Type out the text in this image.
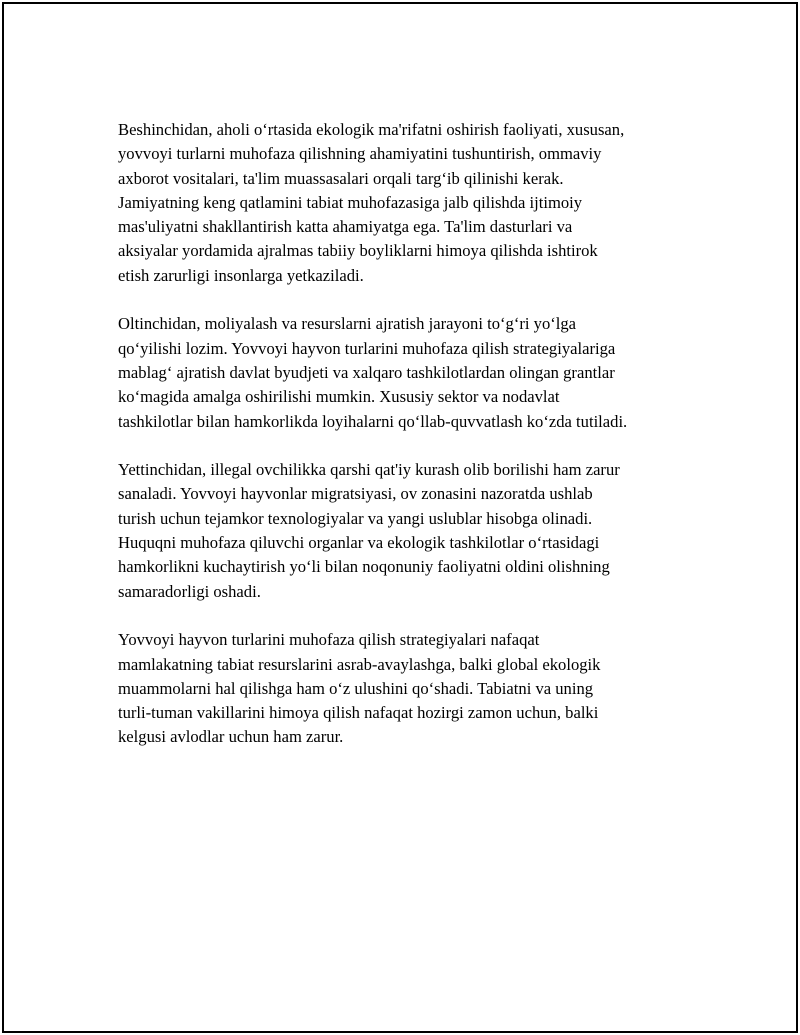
Beshinchidan, aholi o‘rtasida ekologik ma'rifatni oshirish faoliyati, xususan,
yovvoyi turlarni muhofaza qilishning ahamiyatini tushuntirish, ommaviy
axborot vositalari, ta'lim muassasalari orqali targ‘ib qilinishi kerak.
Jamiyatning keng qatlamini tabiat muhofazasiga jalb qilishda ijtimoiy
mas'uliyatni shakllantirish katta ahamiyatga ega. Ta'lim dasturlari va
aksiyalar yordamida ajralmas tabiiy boyliklarni himoya qilishda ishtirok
etish zarurligi insonlarga yetkaziladi.

Oltinchidan, moliyalash va resurslarni ajratish jarayoni to‘g‘ri yo‘lga
qo‘yilishi lozim. Yovvoyi hayvon turlarini muhofaza qilish strategiyalariga
mablag‘ ajratish davlat byudjeti va xalqaro tashkilotlardan olingan grantlar
ko‘magida amalga oshirilishi mumkin. Xususiy sektor va nodavlat
tashkilotlar bilan hamkorlikda loyihalarni qo‘llab-quvvatlash ko‘zda tutiladi.

Yettinchidan, illegal ovchilikka qarshi qat'iy kurash olib borilishi ham zarur
sanaladi. Yovvoyi hayvonlar migratsiyasi, ov zonasini nazoratda ushlab
turish uchun tejamkor texnologiyalar va yangi uslublar hisobga olinadi.
Huquqni muhofaza qiluvchi organlar va ekologik tashkilotlar o‘rtasidagi
hamkorlikni kuchaytirish yo‘li bilan noqonuniy faoliyatni oldini olishning
samaradorligi oshadi.

Yovvoyi hayvon turlarini muhofaza qilish strategiyalari nafaqat
mamlakatning tabiat resurslarini asrab-avaylashga, balki global ekologik
muammolarni hal qilishga ham o‘z ulushini qo‘shadi. Tabiatni va uning
turli-tuman vakillarini himoya qilish nafaqat hozirgi zamon uchun, balki
kelgusi avlodlar uchun ham zarur.
